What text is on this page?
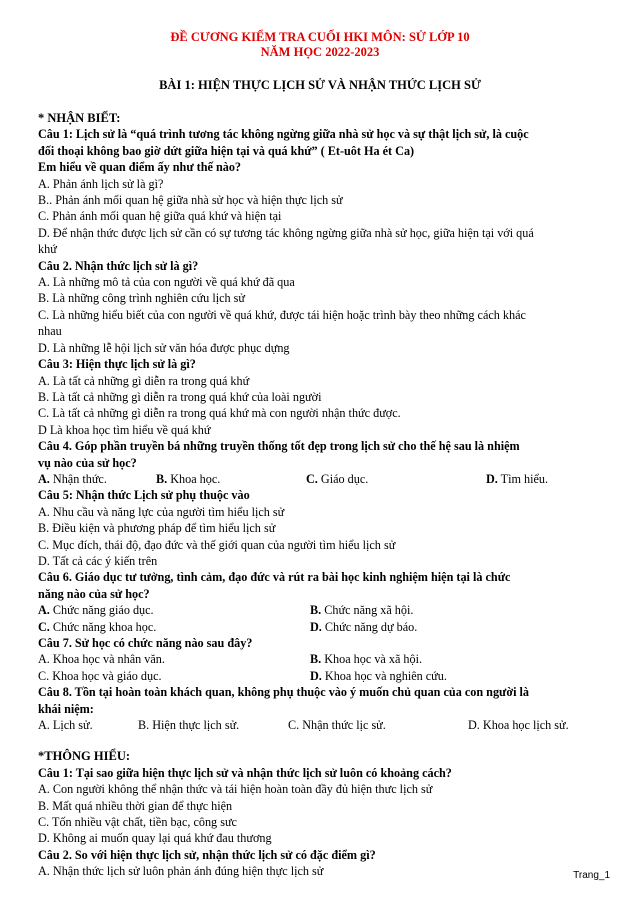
ĐỀ CƯƠNG KIỂM TRA CUỐI HKI MÔN: SỬ LỚP 10
NĂM HỌC 2022-2023
BÀI 1: HIỆN THỰC LỊCH SỬ VÀ NHẬN THỨC LỊCH SỬ

* NHẬN BIẾT:

Câu 1: Lịch sử là “quá trình tương tác không ngừng giữa nhà sử học và sự thật lịch sử, là cuộc

đối thoại không bao giờ dứt giữa hiện tại và quá khứ” ( Et-uôt Ha ét Ca)

Em hiểu về quan điểm ấy như thế nào?

A. Phản ánh lịch sử là gì?

B.. Phản ánh mối quan hệ giữa nhà sử học và hiện thực lịch sử

C. Phản ánh mối quan hệ giữa quá khứ và hiện tại

D. Để nhận thức được lịch sử cần có sự tương tác không ngừng giữa nhà sử học, giữa hiện tại với quá

khứ

Câu 2. Nhận thức lịch sử là gì?

A. Là những mô tả của con người về quá khứ đã qua

B. Là những công trình nghiên cứu lịch sử

C. Là những hiểu biết của con người về quá khứ, được tái hiện hoặc trình bày theo những cách khác

nhau

D. Là những lễ hội lịch sử văn hóa được phục dựng

Câu 3: Hiện thực lịch sử là gì?

A. Là tất cả những gì diễn ra trong quá khứ

B. Là tất cả những gì diễn ra trong quá khứ của loài người

C. Là tất cả những gì diễn ra trong quá khứ mà con người nhận thức được.

D Là khoa học tìm hiểu về quá khứ

Câu 4. Góp phần truyền bá những truyền thống tốt đẹp trong lịch sử cho thế hệ sau là nhiệm

vụ nào của sử học?

A. Nhận thức.	B. Khoa học.	C. Giáo dục.	D. Tìm hiểu.

Câu 5: Nhận thức Lịch sử phụ thuộc vào

A. Nhu cầu và năng lực của người tìm hiểu lịch sử

B. Điều kiện và phương pháp để tìm hiểu lịch sử

C. Mục đích, thái độ, đạo đức và thế giới quan của người tìm hiểu lịch sử

D. Tất cả các ý kiến trên

Câu 6. Giáo dục tư tưởng, tình cảm, đạo đức và rút ra bài học kinh nghiệm hiện tại là chức

năng nào của sử học?

A. Chức năng giáo dục.	B. Chức năng xã hội.
C. Chức năng khoa học.	D. Chức năng dự báo.

Câu 7. Sử học có chức năng nào sau đây?

A. Khoa học và nhân văn.	B. Khoa học và xã hội.
C. Khoa học và giáo dục.	D. Khoa học và nghiên cứu.

Câu 8. Tồn tại hoàn toàn khách quan, không phụ thuộc vào ý muốn chủ quan của con người là

khái niệm:

A. Lịch sử.	B. Hiện thực lịch sử.	C. Nhận thức lịc sử.	D. Khoa học lịch sử.

*THÔNG HIỂU:

Câu 1: Tại sao giữa hiện thực lịch sử và nhận thức lịch sử luôn có khoảng cách?

A. Con người không thể nhận thức và tái hiện hoàn toàn đầy đủ hiện thưc lịch sử

B. Mất quá nhiều thời gian để thực hiện

C. Tốn nhiều vật chất, tiền bạc, công sưc

D. Không ai muốn quay lại quá khứ đau thương

Câu 2. So với hiện thực lịch sử, nhận thức lịch sử có đặc điểm gì?

A. Nhận thức lịch sử luôn phản ánh đúng hiện thực lịch sử	Trang_1
